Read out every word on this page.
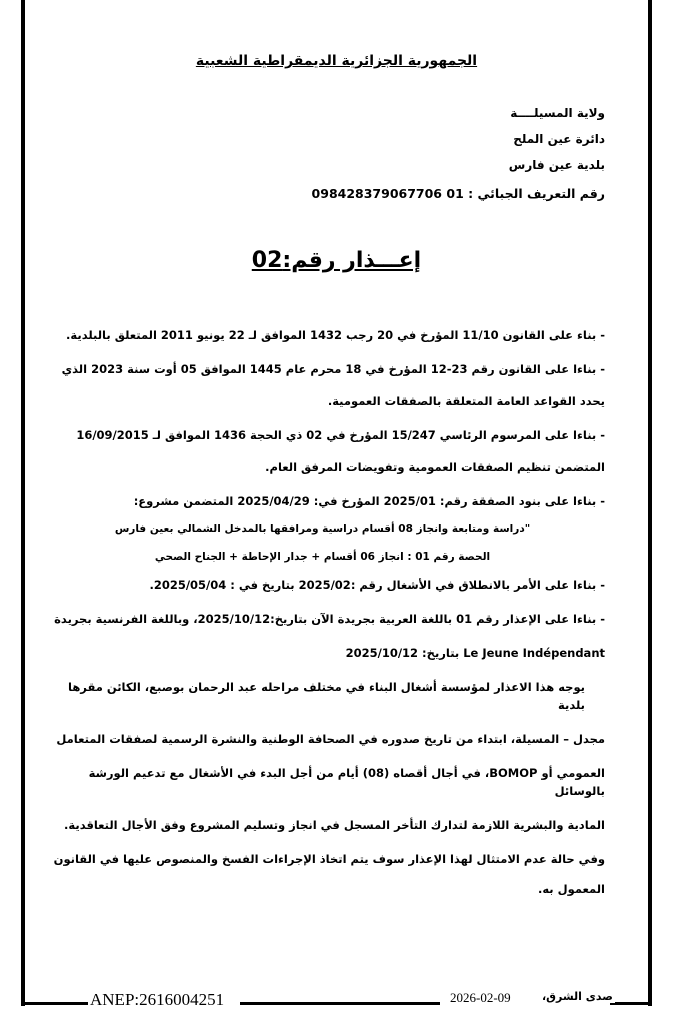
الجمهورية الجزائرية الديمقراطية الشعبية
ولاية المسيلــــة
دائرة عين الملح
بلدية عين فارس
رقم التعريف الجبائي : 01 098428379067706
إعـــذار رقم:02
- بناء على القانون 11/10 المؤرخ في 20 رجب 1432 الموافق لـ 22 يونيو 2011 المتعلق بالبلدية.
- بناءا على القانون رقم 23-12 المؤرخ في 18 محرم عام 1445 الموافق 05 أوت سنة 2023 الذي
يحدد القواعد العامة المتعلقة بالصفقات العمومية.
- بناءا على المرسوم الرئاسي 15/247 المؤرخ في 02 ذي الحجة 1436 الموافق لـ 16/09/2015
المتضمن تنظيم الصفقات العمومية وتفويضات المرفق العام.
- بناءا على بنود الصفقة رقم: 2025/01 المؤرخ في: 2025/04/29 المتضمن مشروع:
"دراسة ومتابعة وانجاز 08 أقسام دراسية ومرافقها بالمدخل الشمالي بعين فارس
الحصة رقم 01 : انجاز 06 أقسام + جدار الإحاطة + الجناح الصحي
- بناءا على الأمر بالانطلاق في الأشغال رقم :2025/02 بتاريخ في : 2025/05/04.
- بناءا على الإعذار رقم 01 باللغة العربية بجريدة الآن بتاريخ:2025/10/12، وباللغة الفرنسية بجريدة
Le Jeune Indépendant بتاريخ: 2025/10/12
يوجه هذا الاعذار لمؤسسة أشغال البناء في مختلف مراحله عبد الرحمان بوصبع، الكائن مقرها بلدية
مجدل – المسيلة، ابتداء من تاريخ صدوره في الصحافة الوطنية والنشرة الرسمية لصفقات المتعامل
العمومي أو BOMOP، في أجال أقصاه (08) أيام من أجل البدء في الأشغال مع تدعيم الورشة بالوسائل
المادية والبشرية اللازمة لتدارك التأخر المسجل في انجاز وتسليم المشروع وفق الأجال التعاقدية.
وفي حالة عدم الامتثال لهذا الإعذار سوف يتم اتخاذ الإجراءات الفسخ والمنصوص عليها في القانون
المعمول به.
ANEP:2616004251	2026-02-09	صدى الشرق،
